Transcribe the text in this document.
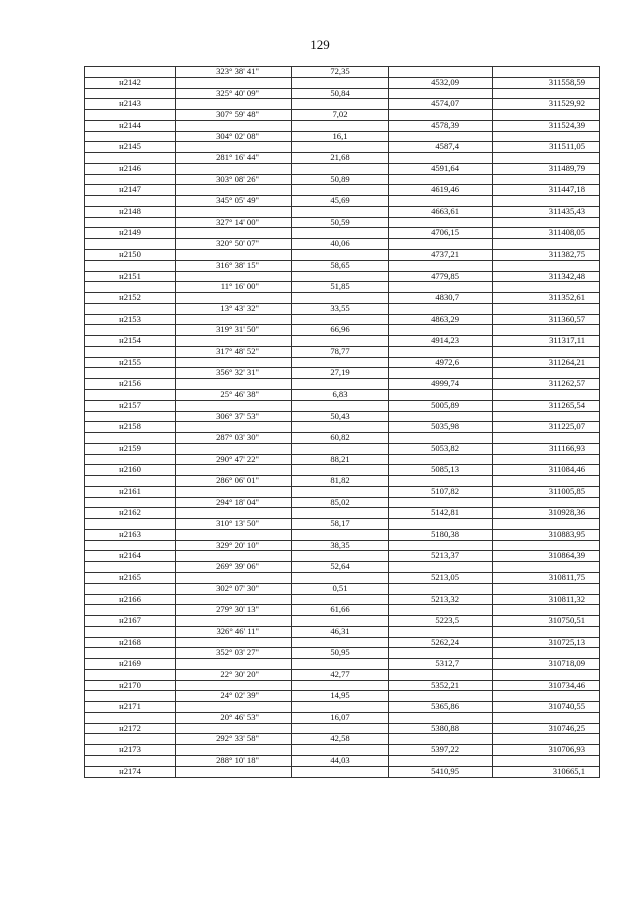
129
	323° 38' 41"	72,35		
н2142			4532,09	311558,59
	325° 40' 09"	50,84		
н2143			4574,07	311529,92
	307° 59' 48"	7,02		
н2144			4578,39	311524,39
	304° 02' 08"	16,1		
н2145			4587,4	311511,05
	281° 16' 44"	21,68		
н2146			4591,64	311489,79
	303° 08' 26"	50,89		
н2147			4619,46	311447,18
	345° 05' 49"	45,69		
н2148			4663,61	311435,43
	327° 14' 00"	50,59		
н2149			4706,15	311408,05
	320° 50' 07"	40,06		
н2150			4737,21	311382,75
	316° 38' 15"	58,65		
н2151			4779,85	311342,48
	11° 16' 00"	51,85		
н2152			4830,7	311352,61
	13° 43' 32"	33,55		
н2153			4863,29	311360,57
	319° 31' 50"	66,96		
н2154			4914,23	311317,11
	317° 48' 52"	78,77		
н2155			4972,6	311264,21
	356° 32' 31"	27,19		
н2156			4999,74	311262,57
	25° 46' 38"	6,83		
н2157			5005,89	311265,54
	306° 37' 53"	50,43		
н2158			5035,98	311225,07
	287° 03' 30"	60,82		
н2159			5053,82	311166,93
	290° 47' 22"	88,21		
н2160			5085,13	311084,46
	286° 06' 01"	81,82		
н2161			5107,82	311005,85
	294° 18' 04"	85,02		
н2162			5142,81	310928,36
	310° 13' 50"	58,17		
н2163			5180,38	310883,95
	329° 20' 10"	38,35		
н2164			5213,37	310864,39
	269° 39' 06"	52,64		
н2165			5213,05	310811,75
	302° 07' 30"	0,51		
н2166			5213,32	310811,32
	279° 30' 13"	61,66		
н2167			5223,5	310750,51
	326° 46' 11"	46,31		
н2168			5262,24	310725,13
	352° 03' 27"	50,95		
н2169			5312,7	310718,09
	22° 30' 20"	42,77		
н2170			5352,21	310734,46
	24° 02' 39"	14,95		
н2171			5365,86	310740,55
	20° 46' 53"	16,07		
н2172			5380,88	310746,25
	292° 33' 58"	42,58		
н2173			5397,22	310706,93
	288° 10' 18"	44,03		
н2174			5410,95	310665,1
